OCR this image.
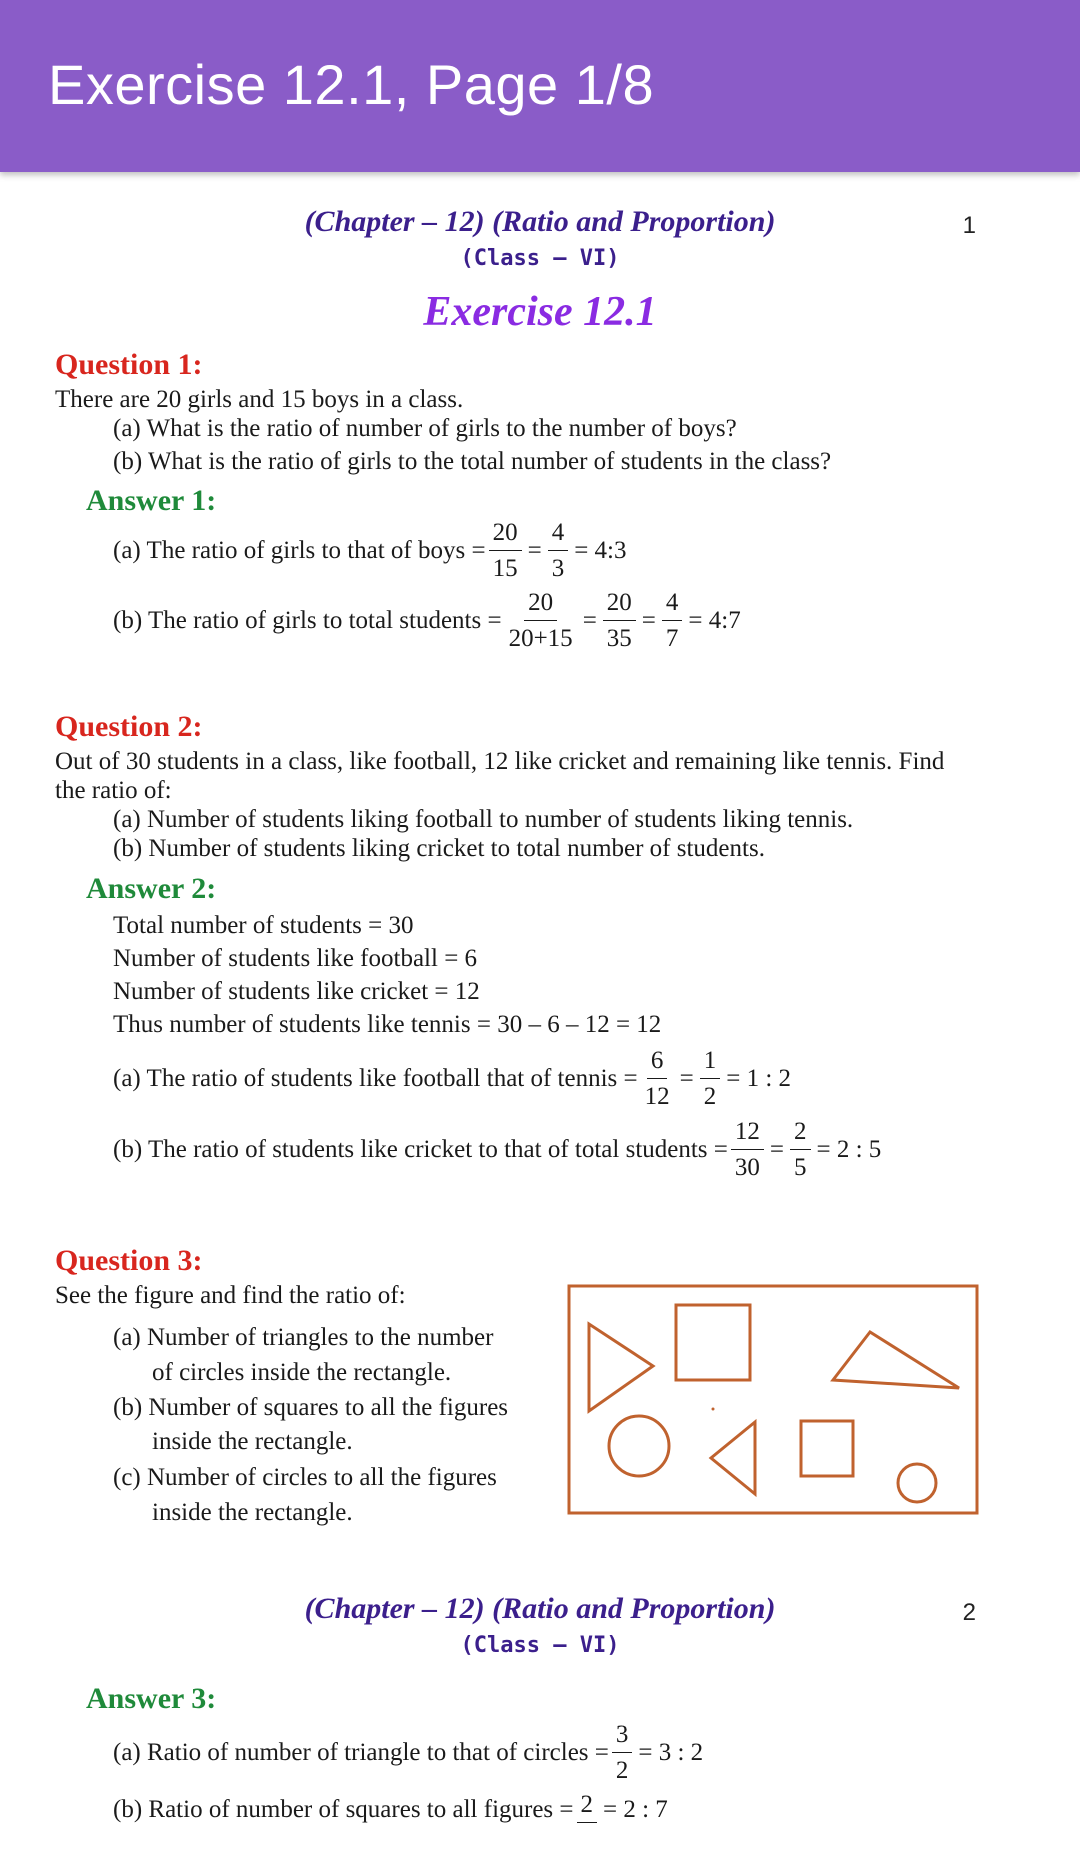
Exercise 12.1, Page 1/8
(Chapter – 12) (Ratio and Proportion)
(Class – VI)
1
Exercise 12.1
Question 1:
There are 20 girls and 15 boys in a class.
(a) What is the ratio of number of girls to the number of boys?
(b) What is the ratio of girls to the total number of students in the class?
Answer 1:
(a) The ratio of girls to that of boys = $\frac{20}{15} = \frac{4}{3}$ = 4:3
(b) The ratio of girls to total students = $\frac{20}{20+15} = \frac{20}{35} = \frac{4}{7}$ = 4:7
Question 2:
Out of 30 students in a class, like football, 12 like cricket and remaining like tennis. Find
the ratio of:
(a) Number of students liking football to number of students liking tennis.
(b) Number of students liking cricket to total number of students.
Answer 2:
Total number of students = 30
Number of students like football = 6
Number of students like cricket = 12
Thus number of students like tennis = 30 – 6 – 12 = 12
(a) The ratio of students like football that of tennis = $\frac{6}{12} = \frac{1}{2} = 1$ : 2
(b) The ratio of students like cricket to that of total students = $\frac{12}{30} = \frac{2}{5} = 2$ : 5
Question 3:
See the figure and find the ratio of:
(a) Number of triangles to the number
of circles inside the rectangle.
(b) Number of squares to all the figures
inside the rectangle.
(c) Number of circles to all the figures
inside the rectangle.
(Chapter – 12) (Ratio and Proportion)
(Class – VI)
2
Answer 3:
(a) Ratio of number of triangle to that of circles = $\frac{3}{2} = 3$ : 2
(b) Ratio of number of squares to all figures = 2 = 2 : 7
